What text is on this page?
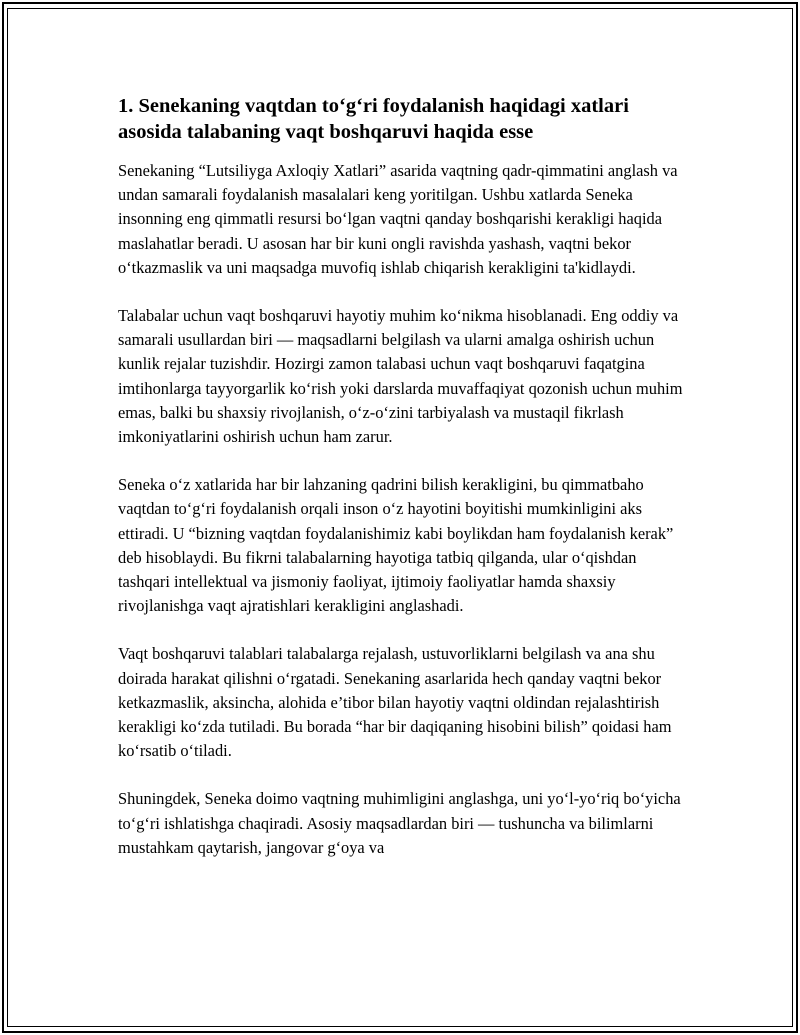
1. Senekaning vaqtdan to‘g‘ri foydalanish haqidagi xatlari asosida talabaning vaqt boshqaruvi haqida esse

Senekaning “Lutsiliyga Axloqiy Xatlari” asarida vaqtning qadr-qimmatini anglash va undan samarali foydalanish masalalari keng yoritilgan. Ushbu xatlarda Seneka insonning eng qimmatli resursi bo‘lgan vaqtni qanday boshqarishi kerakligi haqida maslahatlar beradi. U asosan har bir kuni ongli ravishda yashash, vaqtni bekor o‘tkazmaslik va uni maqsadga muvofiq ishlab chiqarish kerakligini ta'kidlaydi.

Talabalar uchun vaqt boshqaruvi hayotiy muhim ko‘nikma hisoblanadi. Eng oddiy va samarali usullardan biri — maqsadlarni belgilash va ularni amalga oshirish uchun kunlik rejalar tuzishdir. Hozirgi zamon talabasi uchun vaqt boshqaruvi faqatgina imtihonlarga tayyorgarlik ko‘rish yoki darslarda muvaffaqiyat qozonish uchun muhim emas, balki bu shaxsiy rivojlanish, o‘z-o‘zini tarbiyalash va mustaqil fikrlash imkoniyatlarini oshirish uchun ham zarur.

Seneka o‘z xatlarida har bir lahzaning qadrini bilish kerakligini, bu qimmatbaho vaqtdan to‘g‘ri foydalanish orqali inson o‘z hayotini boyitishi mumkinligini aks ettiradi. U “bizning vaqtdan foydalanishimiz kabi boylikdan ham foydalanish kerak” deb hisoblaydi. Bu fikrni talabalarning hayotiga tatbiq qilganda, ular o‘qishdan tashqari intellektual va jismoniy faoliyat, ijtimoiy faoliyatlar hamda shaxsiy rivojlanishga vaqt ajratishlari kerakligini anglashadi.

Vaqt boshqaruvi talablari talabalarga rejalash, ustuvorliklarni belgilash va ana shu doirada harakat qilishni o‘rgatadi. Senekaning asarlarida hech qanday vaqtni bekor ketkazmaslik, aksincha, alohida e’tibor bilan hayotiy vaqtni oldindan rejalashtirish kerakligi ko‘zda tutiladi. Bu borada “har bir daqiqaning hisobini bilish” qoidasi ham ko‘rsatib o‘tiladi.

Shuningdek, Seneka doimo vaqtning muhimligini anglashga, uni yo‘l-yo‘riq bo‘yicha to‘g‘ri ishlatishga chaqiradi. Asosiy maqsadlardan biri — tushuncha va bilimlarni mustahkam qaytarish, jangovar g‘oya va
